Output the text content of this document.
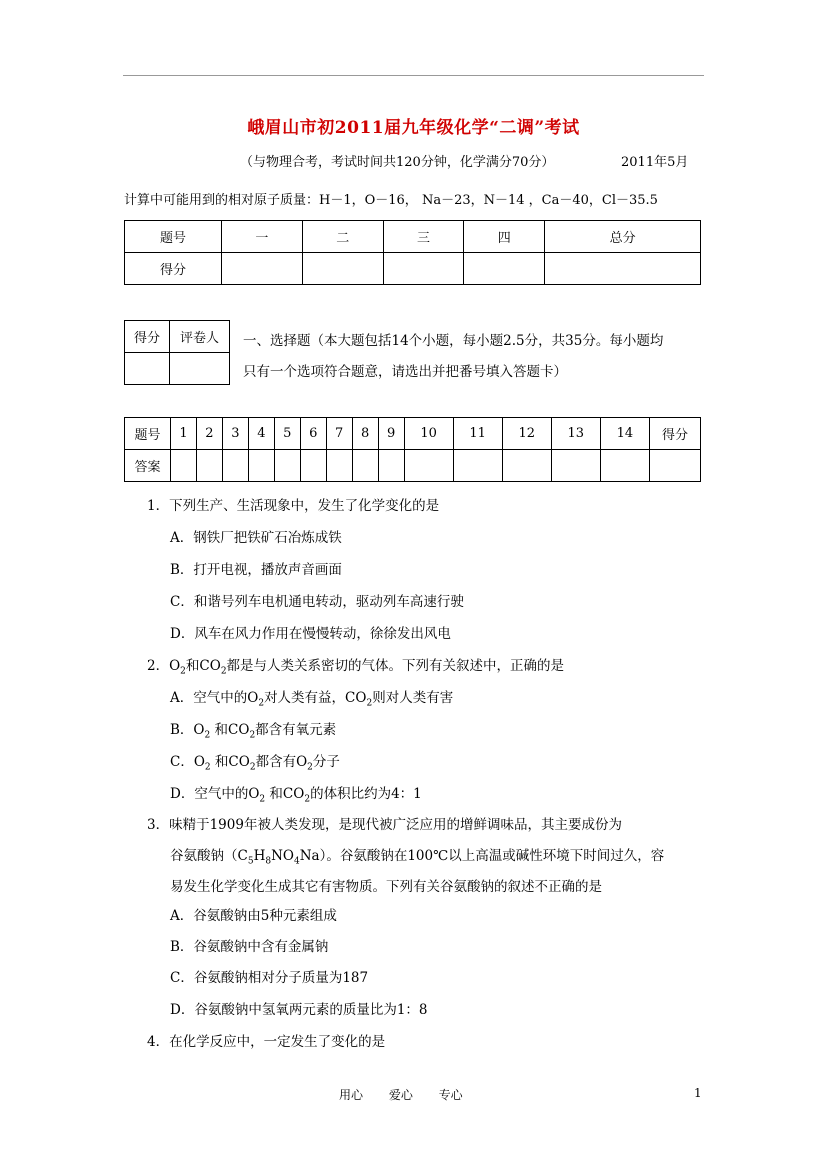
峨眉山市初2011届九年级化学“二调”考试
（与物理合考，考试时间共120分钟，化学满分70分）	2011年5月
计算中可能用到的相对原子质量：H－1，O－16， Na－23，N－14 ，Ca－40，Cl－35.5
题号	一	二	三	四	总分
得分					
得分	评卷人
	一、选择题（本大题包括14个小题，每小题2.5分，共35分。每小题均
只有一个选项符合题意，请选出并把番号填入答题卡）
题号	1	2	3	4	5	6	7	8	9	10	11	12	13	14	得分
答案															
1．下列生产、生活现象中，发生了化学变化的是
A．钢铁厂把铁矿石冶炼成铁
B．打开电视，播放声音画面
C．和谐号列车电机通电转动，驱动列车高速行驶
D．风车在风力作用在慢慢转动，徐徐发出风电
2．$O_2$和$CO_2$都是与人类关系密切的气体。下列有关叙述中，正确的是
A．空气中的$O_2$对人类有益，$CO_2$则对人类有害
B．$O_2$ 和$CO_2$都含有氧元素
C．$O_2$ 和$CO_2$都含有$O_2$分子
D．空气中的$O_2$ 和$CO_2$的体积比约为4：1
3．味精于1909年被人类发现，是现代被广泛应用的增鲜调味品，其主要成份为
谷氨酸钠$(C_5H_8NO_4Na)$。谷氨酸钠在100℃以上高温或碱性环境下时间过久，容
易发生化学变化生成其它有害物质。下列有关谷氨酸钠的叙述不正确的是
A．谷氨酸钠由5种元素组成
B．谷氨酸钠中含有金属钠
C．谷氨酸钠相对分子质量为187
D．谷氨酸钠中氢氧两元素的质量比为1：8
4．在化学反应中，一定发生了变化的是
用心 爱心 专心	1
